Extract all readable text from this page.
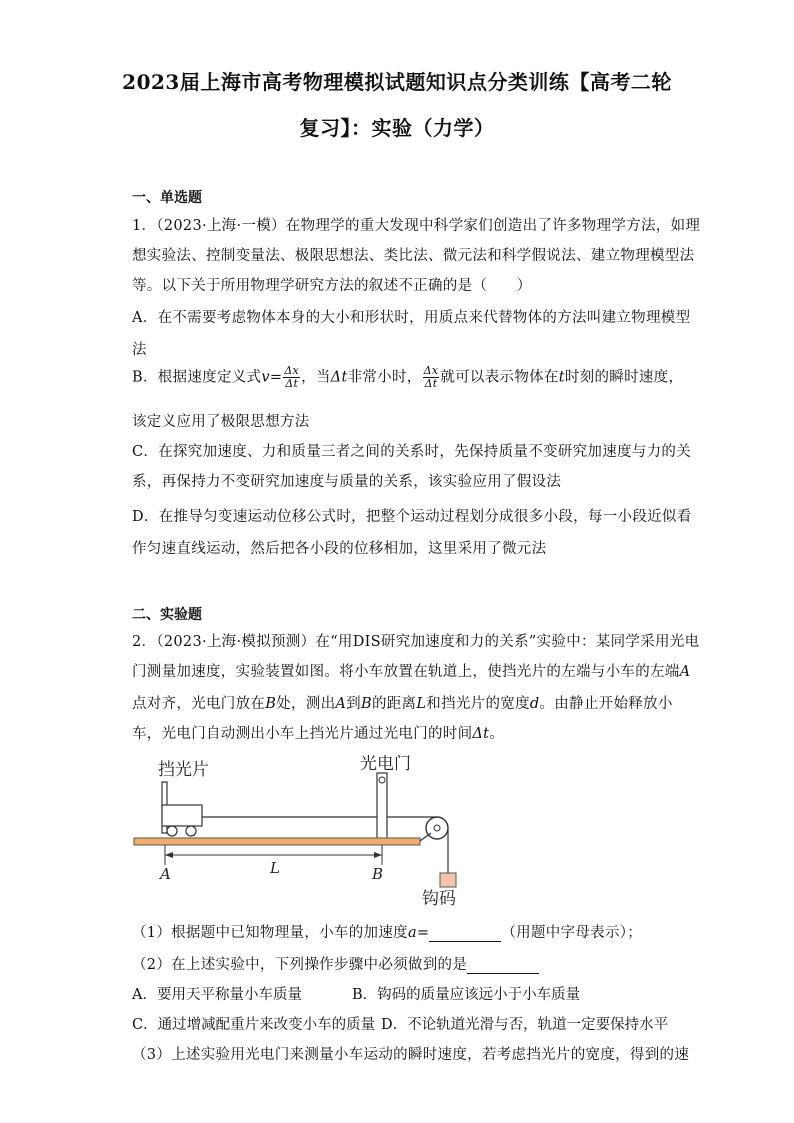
2023届上海市高考物理模拟试题知识点分类训练【高考二轮
复习】：实验（力学）
一、单选题
1．（2023·上海·一模）在物理学的重大发现中科学家们创造出了许多物理学方法，如理
想实验法、控制变量法、极限思想法、类比法、微元法和科学假说法、建立物理模型法
等。以下关于所用物理学研究方法的叙述不正确的是（　　）
A．在不需要考虑物体本身的大小和形状时，用质点来代替物体的方法叫建立物理模型
法
B．根据速度定义式$v= \frac{\Delta x}{\Delta t}$ ，当Δt非常小时， $\frac{\Delta x}{\Delta t}$ 就可以表示物体在t时刻的瞬时速度，
该定义应用了极限思想方法
C．在探究加速度、力和质量三者之间的关系时，先保持质量不变研究加速度与力的关
系，再保持力不变研究加速度与质量的关系，该实验应用了假设法
D．在推导匀变速运动位移公式时，把整个运动过程划分成很多小段，每一小段近似看
作匀速直线运动，然后把各小段的位移相加，这里采用了微元法
二、实验题
2．（2023·上海·模拟预测）在“用DIS研究加速度和力的关系”实验中：某同学采用光电
门测量加速度，实验装置如图。将小车放置在轨道上，使挡光片的左端与小车的左端A
点对齐，光电门放在B处，测出A到B的距离L和挡光片的宽度d。由静止开始释放小
车，光电门自动测出小车上挡光片通过光电门的时间Δt。
挡光片	光电门
钩码
A	L	B
（1）根据题中已知物理量，小车的加速度a=	（用题中字母表示）；
（2）在上述实验中，下列操作步骤中必须做到的是
A．要用天平称量小车质量	B．钩码的质量应该远小于小车质量
C．通过增减配重片来改变小车的质量 D．不论轨道光滑与否，轨道一定要保持水平
（3）上述实验用光电门来测量小车运动的瞬时速度，若考虑挡光片的宽度，得到的速
